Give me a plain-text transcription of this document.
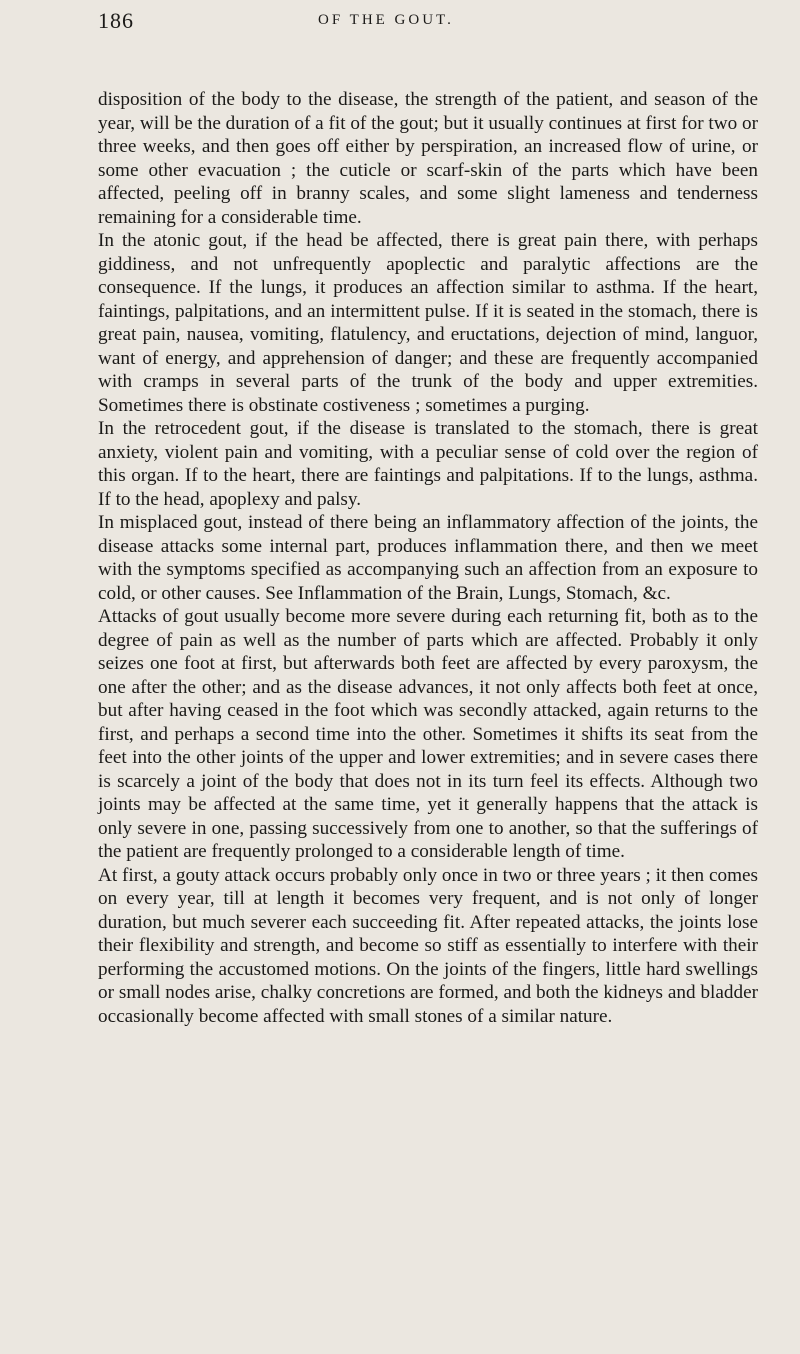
186	OF THE GOUT.

disposition of the body to the disease, the strength of the patient, and season of the year, will be the duration of a fit of the gout; but it usually continues at first for two or three weeks, and then goes off either by perspiration, an increased flow of urine, or some other evacuation ; the cuticle or scarf-skin of the parts which have been affected, peeling off in branny scales, and some slight lameness and tenderness remaining for a considerable time.

In the atonic gout, if the head be affected, there is great pain there, with perhaps giddiness, and not unfrequently apoplectic and paralytic affections are the consequence. If the lungs, it produces an affection similar to asthma. If the heart, faintings, palpitations, and an intermittent pulse. If it is seated in the stomach, there is great pain, nausea, vomiting, flatulency, and eructations, dejection of mind, languor, want of energy, and apprehension of danger; and these are frequently accompanied with cramps in several parts of the trunk of the body and upper extremities. Sometimes there is obstinate costiveness ; sometimes a purging.

In the retrocedent gout, if the disease is translated to the stomach, there is great anxiety, violent pain and vomiting, with a peculiar sense of cold over the region of this organ. If to the heart, there are faintings and palpitations. If to the lungs, asthma. If to the head, apoplexy and palsy.

In misplaced gout, instead of there being an inflammatory affection of the joints, the disease attacks some internal part, produces inflammation there, and then we meet with the symptoms specified as accompanying such an affection from an exposure to cold, or other causes. See Inflammation of the Brain, Lungs, Stomach, &c.

Attacks of gout usually become more severe during each returning fit, both as to the degree of pain as well as the number of parts which are affected. Probably it only seizes one foot at first, but afterwards both feet are affected by every paroxysm, the one after the other; and as the disease advances, it not only affects both feet at once, but after having ceased in the foot which was secondly attacked, again returns to the first, and perhaps a second time into the other. Sometimes it shifts its seat from the feet into the other joints of the upper and lower extremities; and in severe cases there is scarcely a joint of the body that does not in its turn feel its effects. Although two joints may be affected at the same time, yet it generally happens that the attack is only severe in one, passing successively from one to another, so that the sufferings of the patient are frequently prolonged to a considerable length of time.

At first, a gouty attack occurs probably only once in two or three years ; it then comes on every year, till at length it becomes very frequent, and is not only of longer duration, but much severer each succeeding fit. After repeated attacks, the joints lose their flexibility and strength, and become so stiff as essentially to interfere with their performing the accustomed motions. On the joints of the fingers, little hard swellings or small nodes arise, chalky concretions are formed, and both the kidneys and bladder occasionally become affected with small stones of a similar nature.
